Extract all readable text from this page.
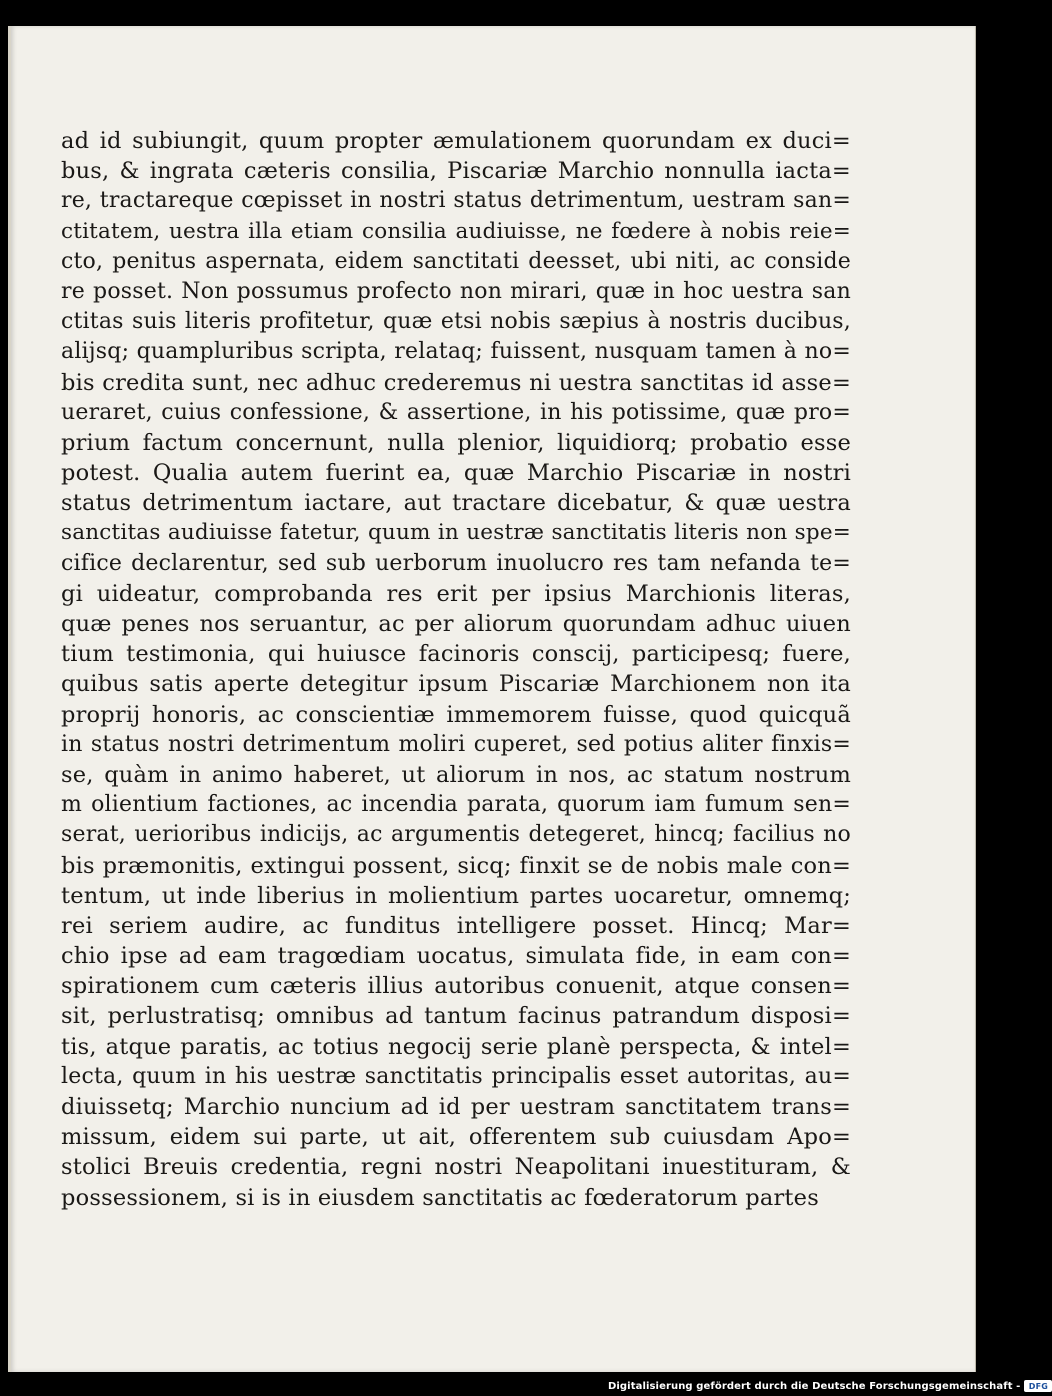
ad id subiungit, quum propter æmulationem quorundam ex duci=
bus, & ingrata cæteris consilia, Piscariæ Marchio nonnulla iacta=
re, tractareque cœpisset in nostri status detrimentum, uestram san=
ctitatem, uestra illa etiam consilia audiuisse, ne fœdere à nobis reie=
cto, penitus aspernata, eidem sanctitati deesset, ubi niti, ac conside
re posset. Non possumus profecto non mirari, quæ in hoc uestra san
ctitas suis literis profitetur, quæ etsi nobis sæpius à nostris ducibus,
alijsq; quampluribus scripta, relataq; fuissent, nusquam tamen à no=
bis credita sunt, nec adhuc crederemus ni uestra sanctitas id asse=
ueraret, cuius confessione, & assertione, in his potissime, quæ pro=
prium factum concernunt, nulla plenior, liquidiorq; probatio esse
potest. Qualia autem fuerint ea, quæ Marchio Piscariæ in nostri
status detrimentum iactare, aut tractare dicebatur, & quæ uestra
sanctitas audiuisse fatetur, quum in uestræ sanctitatis literis non spe=
cifice declarentur, sed sub uerborum inuolucro res tam nefanda te=
gi uideatur, comprobanda res erit per ipsius Marchionis literas,
quæ penes nos seruantur, ac per aliorum quorundam adhuc uiuen
tium testimonia, qui huiusce facinoris conscij, participesq; fuere,
quibus satis aperte detegitur ipsum Piscariæ Marchionem non ita
proprij honoris, ac conscientiæ immemorem fuisse, quod quicquã
in status nostri detrimentum moliri cuperet, sed potius aliter finxis=
se, quàm in animo haberet, ut aliorum in nos, ac statum nostrum
m olientium factiones, ac incendia parata, quorum iam fumum sen=
serat, uerioribus indicijs, ac argumentis detegeret, hincq; facilius no
bis præmonitis, extingui possent, sicq; finxit se de nobis male con=
tentum, ut inde liberius in molientium partes uocaretur, omnemq;
rei seriem audire, ac funditus intelligere posset. Hincq; Mar=
chio ipse ad eam tragœdiam uocatus, simulata fide, in eam con=
spirationem cum cæteris illius autoribus conuenit, atque consen=
sit, perlustratisq; omnibus ad tantum facinus patrandum disposi=
tis, atque paratis, ac totius negocij serie planè perspecta, & intel=
lecta, quum in his uestræ sanctitatis principalis esset autoritas, au=
diuissetq; Marchio nuncium ad id per uestram sanctitatem trans=
missum, eidem sui parte, ut ait, offerentem sub cuiusdam Apo=
stolici Breuis credentia, regni nostri Neapolitani inuestituram, &
possessionem, si is in eiusdem sanctitatis ac fœderatorum partes
Digitalisierung gefördert durch die Deutsche Forschungsgemeinschaft - DFG
